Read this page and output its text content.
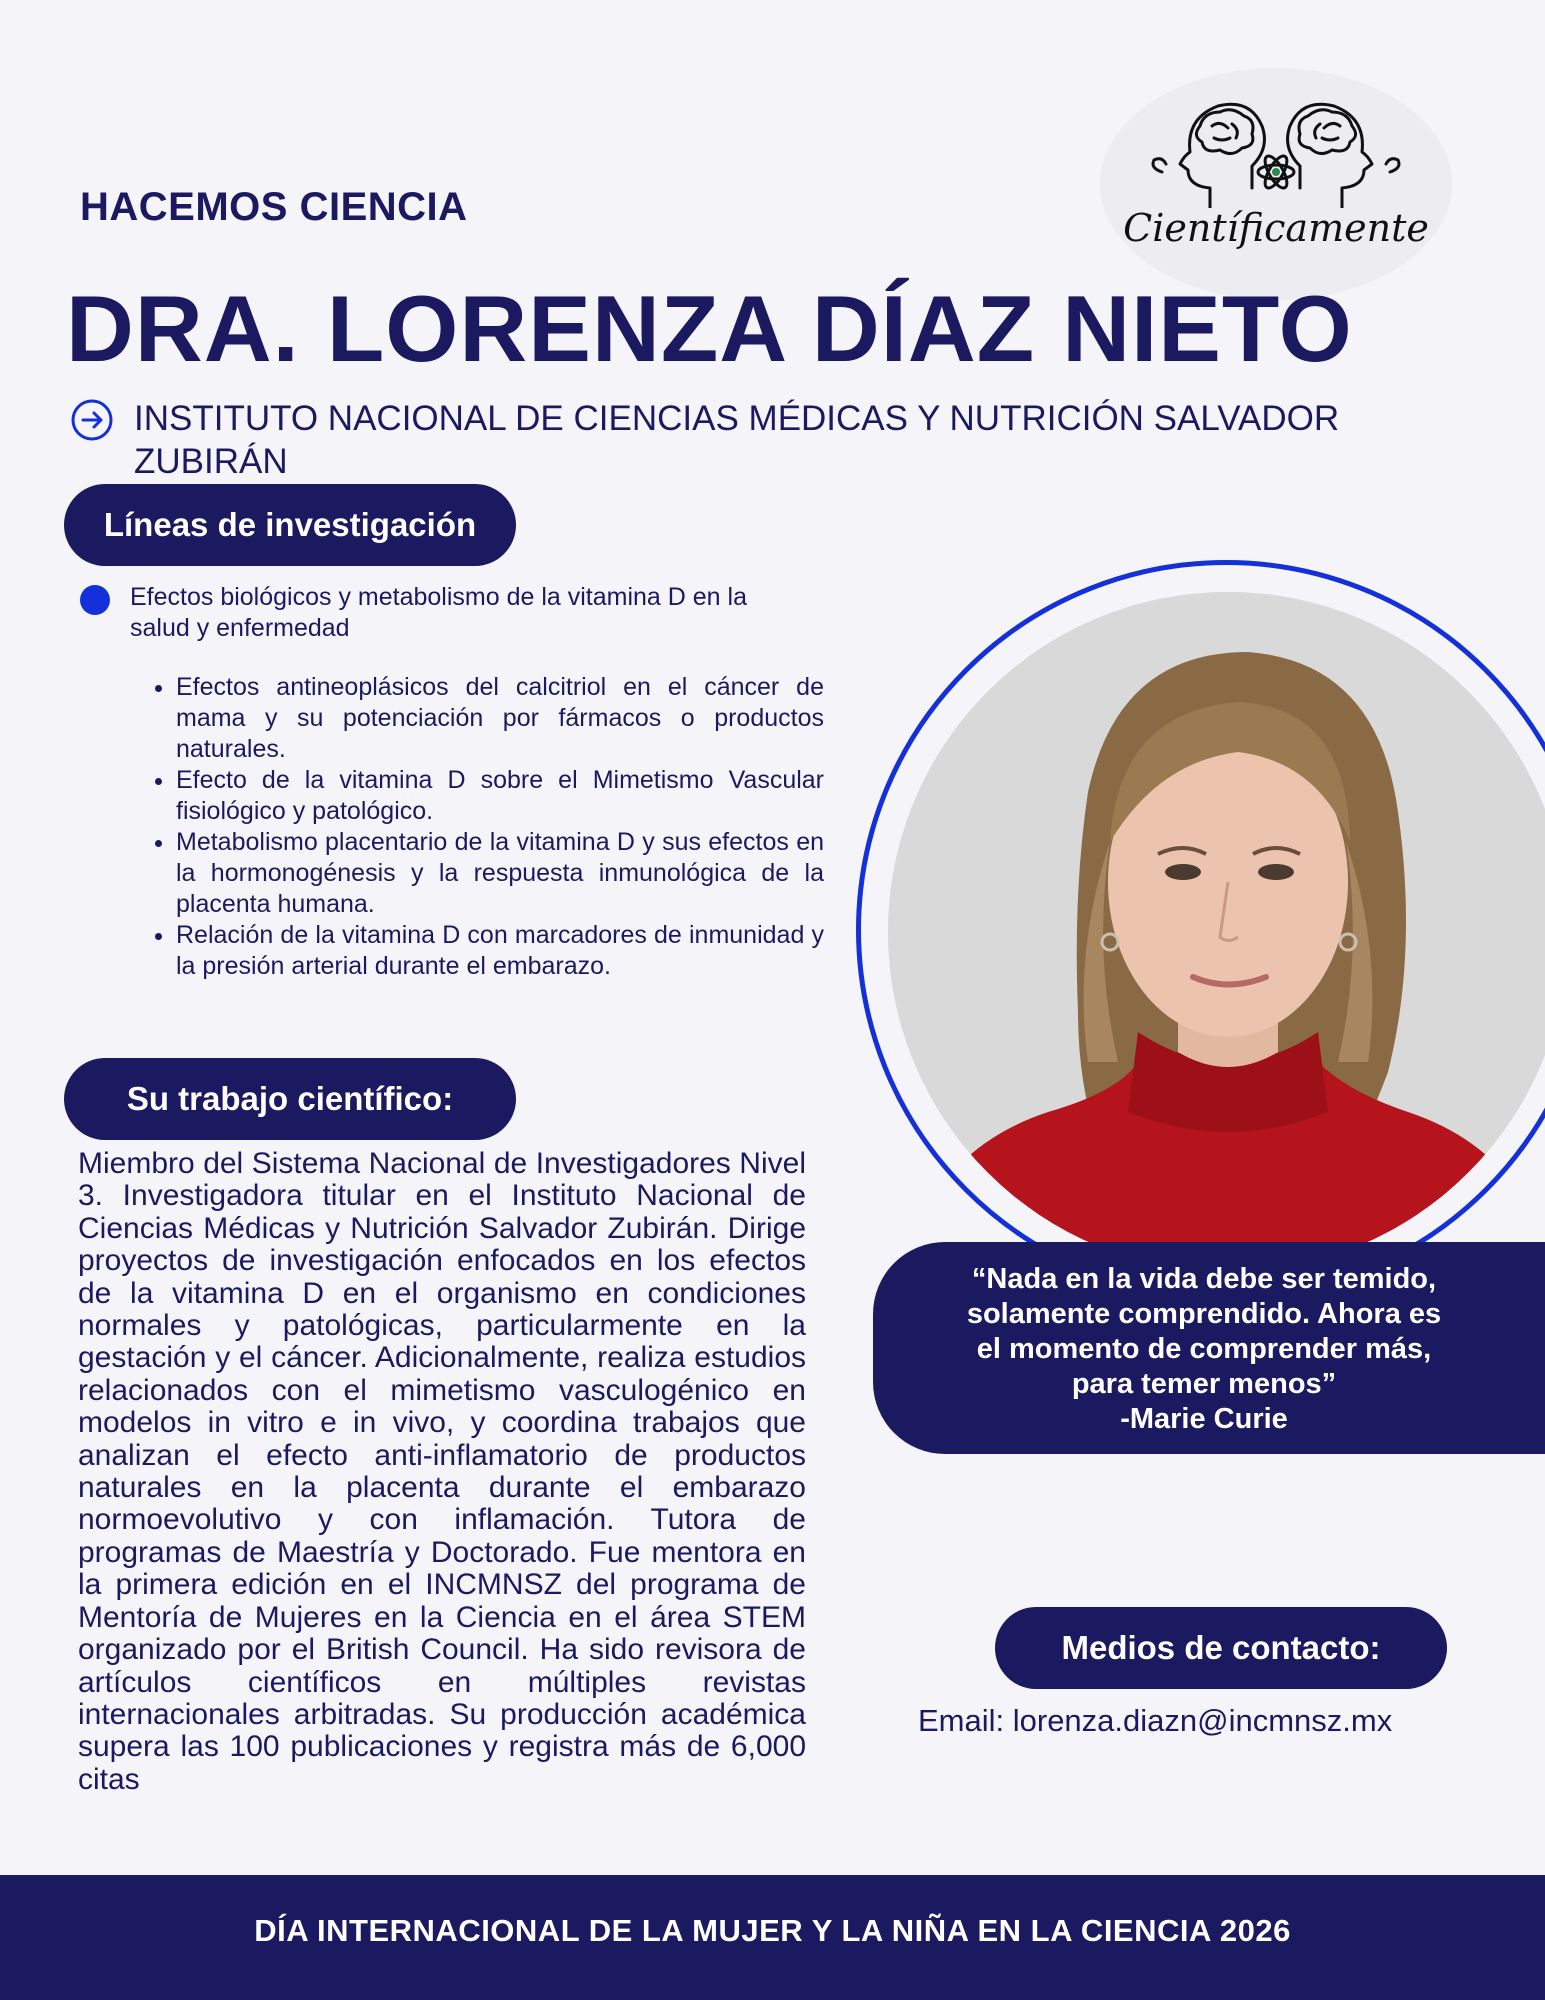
Científicamente
HACEMOS CIENCIA
DRA. LORENZA DÍAZ NIETO
INSTITUTO NACIONAL DE CIENCIAS MÉDICAS Y NUTRICIÓN SALVADOR ZUBIRÁN
Líneas de investigación
Efectos biológicos y metabolismo de la vitamina D en la salud y enfermedad
• Efectos antineoplásicos del calcitriol en el cáncer de mama y su potenciación por fármacos o productos naturales.
• Efecto de la vitamina D sobre el Mimetismo Vascular fisiológico y patológico.
• Metabolismo placentario de la vitamina D y sus efectos en la hormonogénesis y la respuesta inmunológica de la placenta humana.
• Relación de la vitamina D con marcadores de inmunidad y la presión arterial durante el embarazo.
Su trabajo científico:
Miembro del Sistema Nacional de Investigadores Nivel 3. Investigadora titular en el Instituto Nacional de Ciencias Médicas y Nutrición Salvador Zubirán. Dirige proyectos de investigación enfocados en los efectos de la vitamina D en el organismo en condiciones normales y patológicas, particularmente en la gestación y el cáncer. Adicionalmente, realiza estudios relacionados con el mimetismo vasculogénico en modelos in vitro e in vivo, y coordina trabajos que analizan el efecto anti-inflamatorio de productos naturales en la placenta durante el embarazo normoevolutivo y con inflamación. Tutora de programas de Maestría y Doctorado. Fue mentora en la primera edición en el INCMNSZ del programa de Mentoría de Mujeres en la Ciencia en el área STEM organizado por el British Council. Ha sido revisora de artículos científicos en múltiples revistas internacionales arbitradas. Su producción académica supera las 100 publicaciones y registra más de 6,000 citas
“Nada en la vida debe ser temido,
solamente comprendido. Ahora es
el momento de comprender más,
para temer menos”
-Marie Curie
Medios de contacto:
Email: lorenza.diazn@incmnsz.mx
DÍA INTERNACIONAL DE LA MUJER Y LA NIÑA EN LA CIENCIA 2026
